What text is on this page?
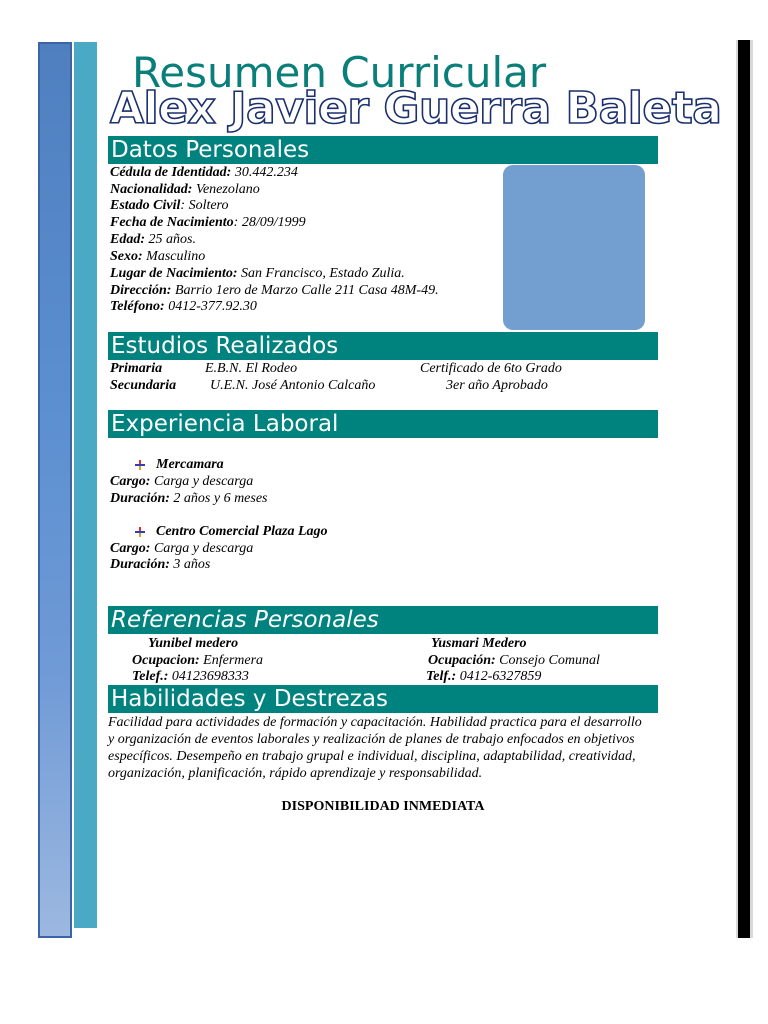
Resumen Curricular
Alex Javier Guerra Baleta
Datos Personales
Cédula de Identidad: 30.442.234
Nacionalidad: Venezolano
Estado Civil: Soltero
Fecha de Nacimiento: 28/09/1999
Edad: 25 años.
Sexo: Masculino
Lugar de Nacimiento: San Francisco, Estado Zulia.
Dirección: Barrio 1ero de Marzo Calle 211 Casa 48M-49.
Teléfono: 0412-377.92.30
Estudios Realizados
Primaria	E.B.N. El Rodeo	Certificado de 6to Grado
Secundaria U.E.N. José Antonio Calcaño	3er año Aprobado
Experiencia Laboral
Mercamara
Cargo: Carga y descarga
Duración: 2 años y 6 meses
Centro Comercial Plaza Lago
Cargo: Carga y descarga
Duración: 3 años
Referencias Personales
Yunibel medero
Ocupacion: Enfermera
Telef.: 04123698333
Yusmari Medero
Ocupación: Consejo Comunal
Telf.: 0412-6327859
Habilidades y Destrezas
Facilidad para actividades de formación y capacitación. Habilidad practica para el desarrollo y organización de eventos laborales y realización de planes de trabajo enfocados en objetivos específicos. Desempeño en trabajo grupal e individual, disciplina, adaptabilidad, creatividad, organización, planificación, rápido aprendizaje y responsabilidad.
DISPONIBILIDAD INMEDIATA
